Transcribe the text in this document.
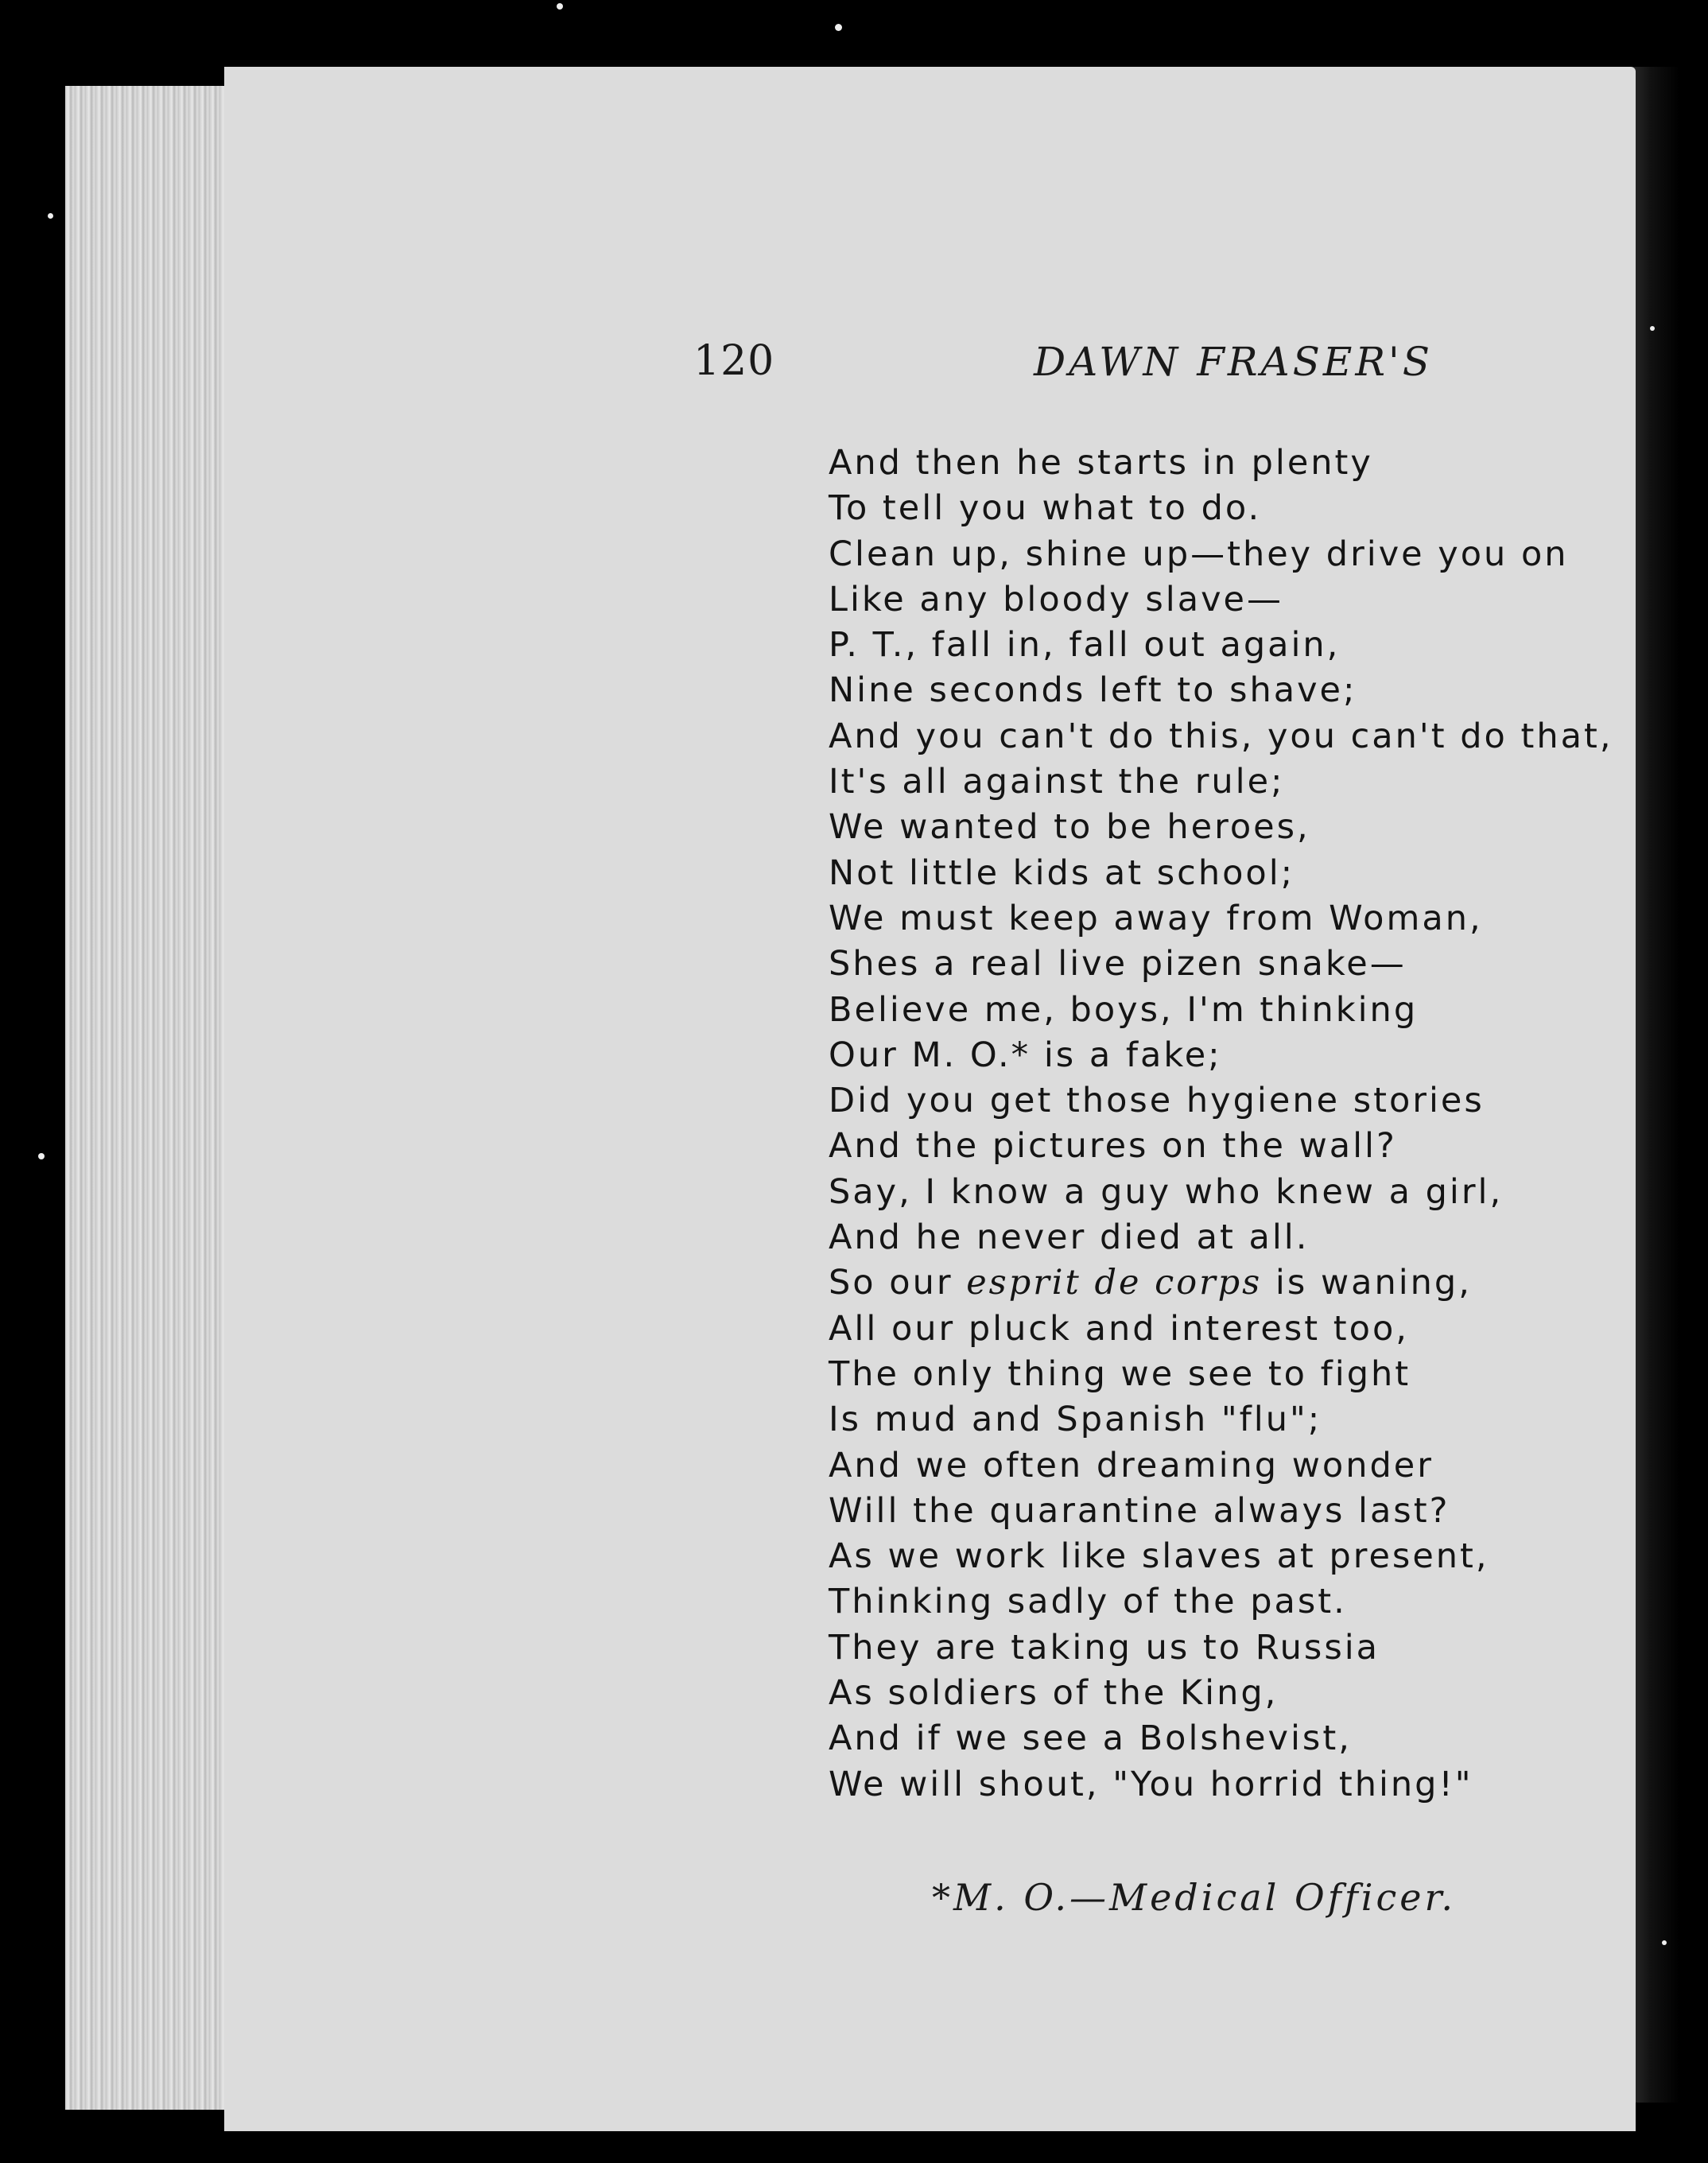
120	DAWN FRASER'S
And then he starts in plenty
To tell you what to do.
Clean up, shine up—they drive you on
Like any bloody slave—
P. T., fall in, fall out again,
Nine seconds left to shave;
And you can't do this, you can't do that,
It's all against the rule;
We wanted to be heroes,
Not little kids at school;
We must keep away from Woman,
Shes a real live pizen snake—
Believe me, boys, I'm thinking
Our M. O.* is a fake;
Did you get those hygiene stories
And the pictures on the wall?
Say, I know a guy who knew a girl,
And he never died at all.
So our esprit de corps is waning,
All our pluck and interest too,
The only thing we see to fight
Is mud and Spanish "flu";
And we often dreaming wonder
Will the quarantine always last?
As we work like slaves at present,
Thinking sadly of the past.
They are taking us to Russia
As soldiers of the King,
And if we see a Bolshevist,
We will shout, "You horrid thing!"
*M. O.—Medical Officer.
